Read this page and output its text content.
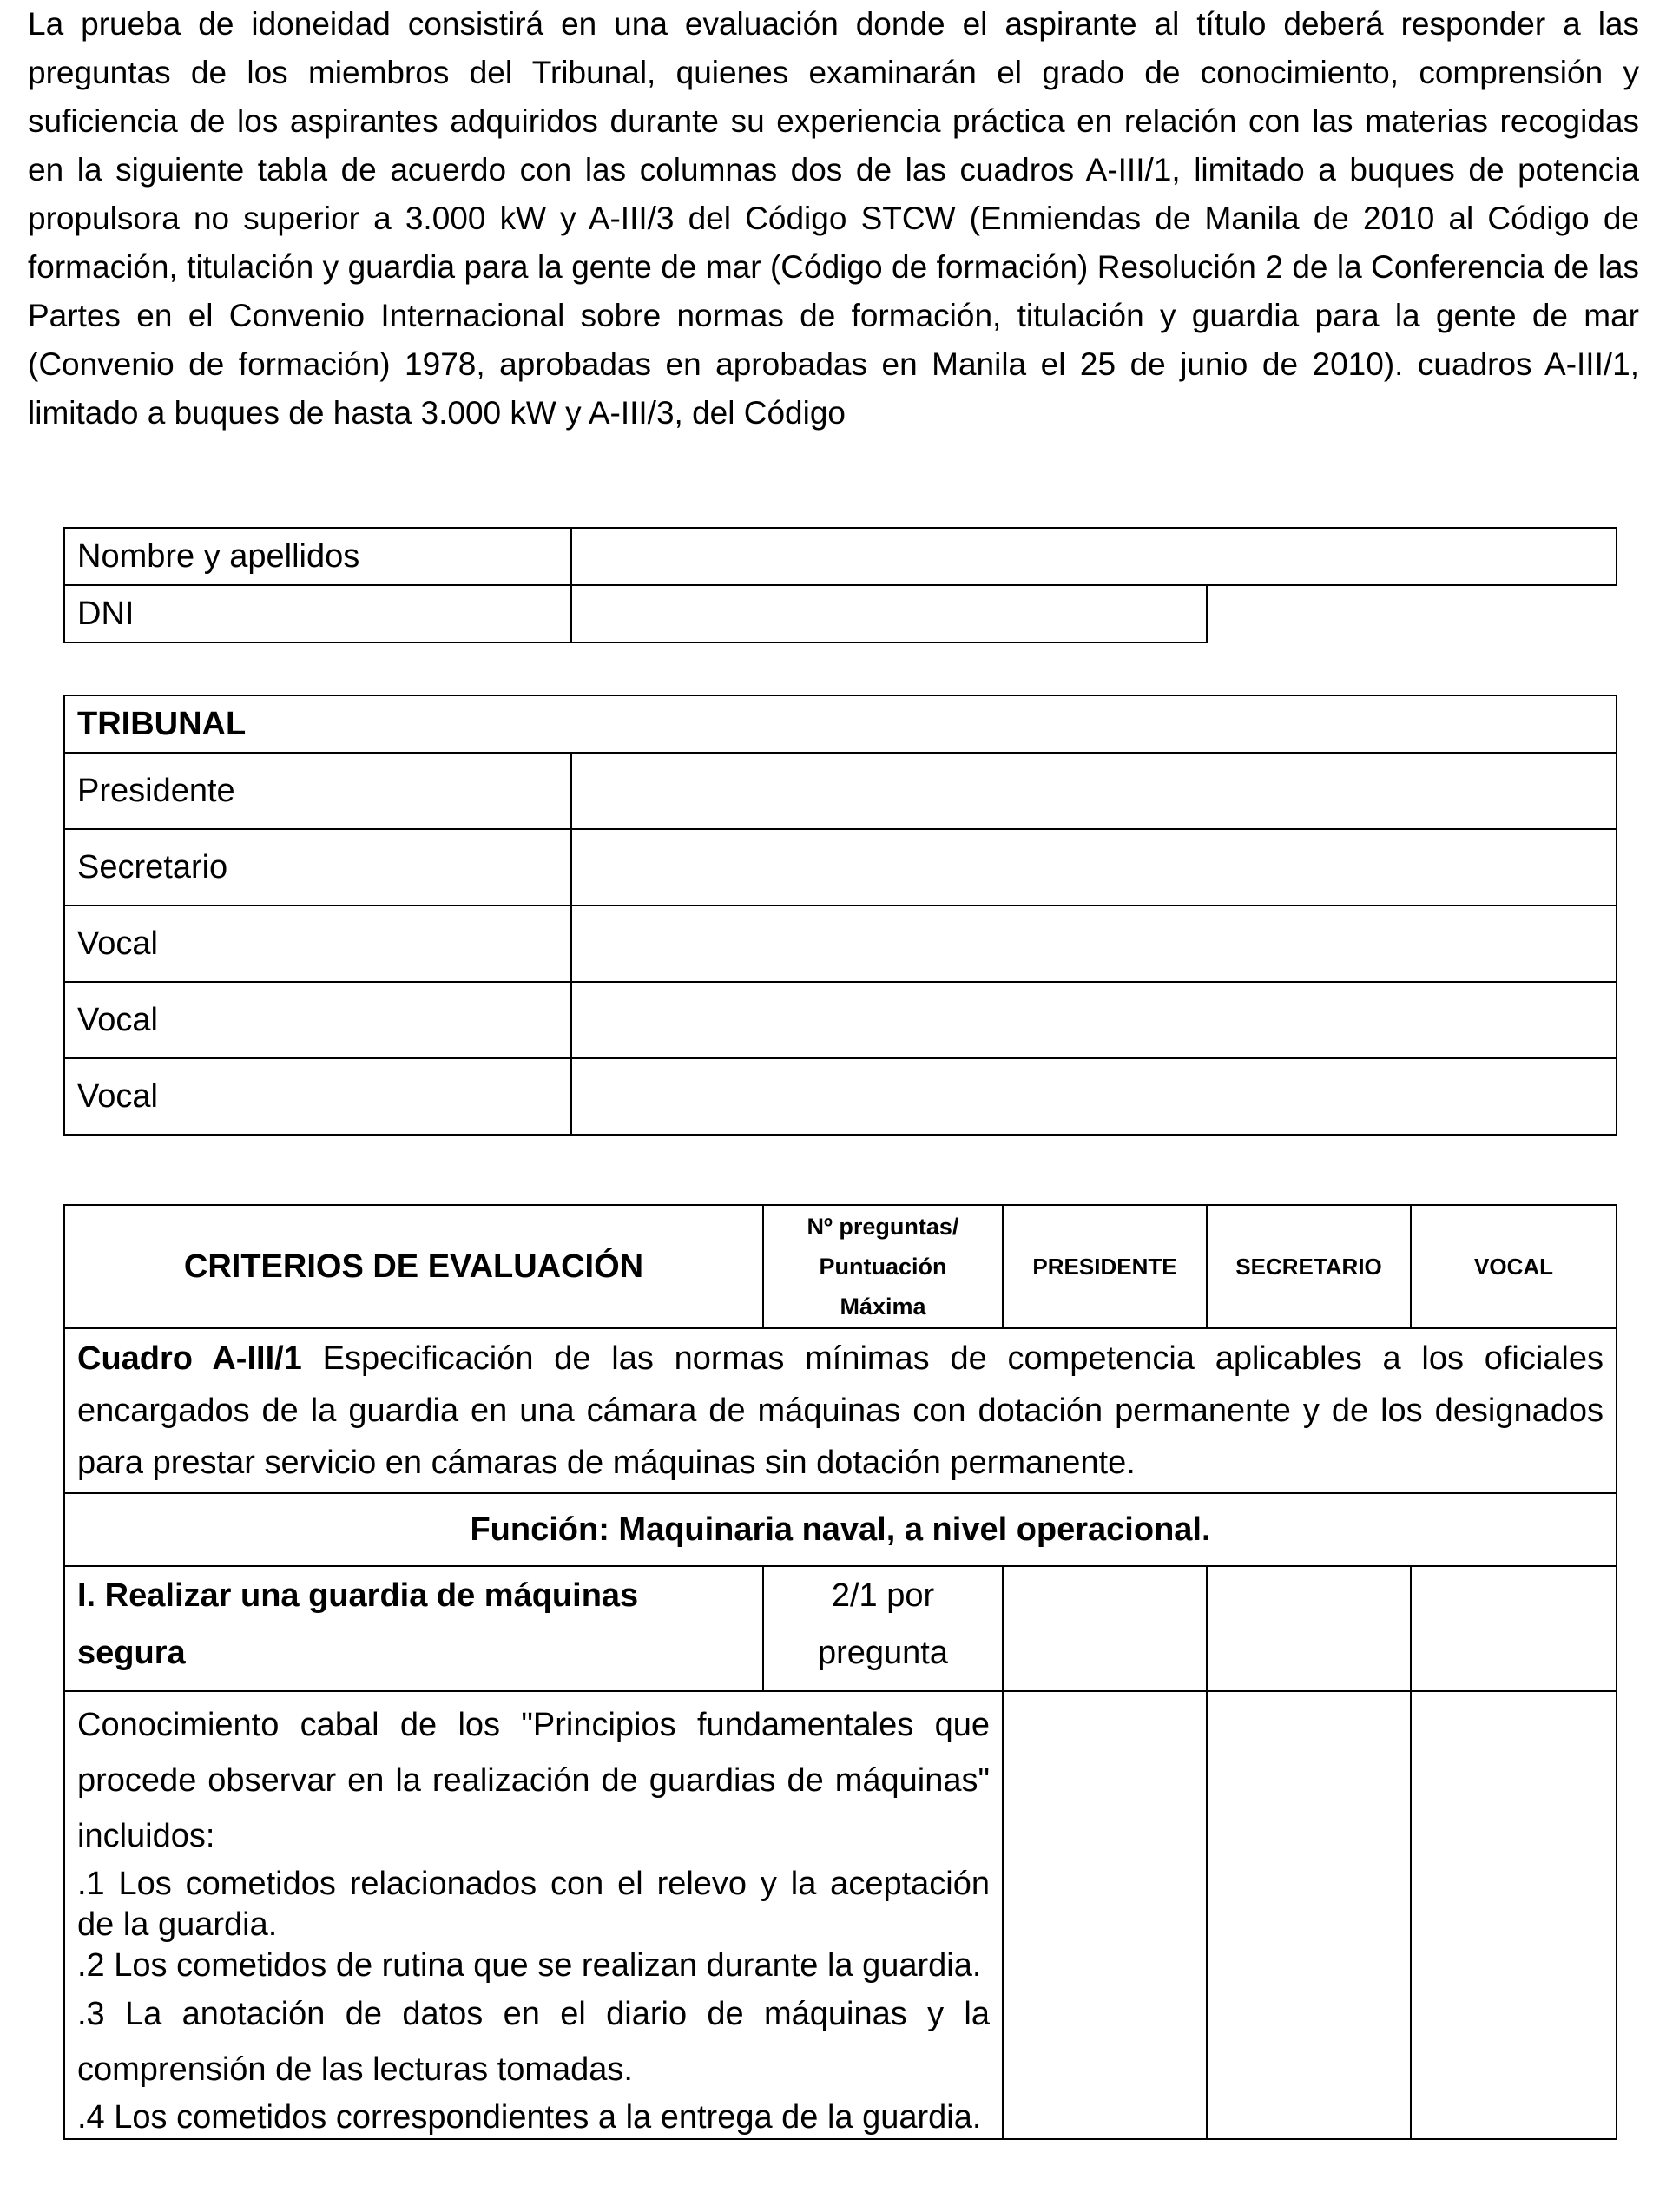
La prueba de idoneidad consistirá en una evaluación donde el aspirante al título deberá responder a las preguntas de los miembros del Tribunal, quienes examinarán el grado de conocimiento, comprensión y suficiencia de los aspirantes adquiridos durante su experiencia práctica en relación con las materias recogidas en la siguiente tabla de acuerdo con las columnas dos de las cuadros A-III/1, limitado a buques de potencia propulsora no superior a 3.000 kW y A-III/3 del Código STCW (Enmiendas de Manila de 2010 al Código de formación, titulación y guardia para la gente de mar (Código de formación) Resolución 2 de la Conferencia de las Partes en el Convenio Internacional sobre normas de formación, titulación y guardia para la gente de mar (Convenio de formación) 1978, aprobadas en aprobadas en Manila el 25 de junio de 2010). cuadros A-III/1, limitado a buques de hasta 3.000 kW y A-III/3, del Código

Nombre y apellidos		
DNI		
TRIBUNAL	
Presidente	
Secretario	
Vocal	
Vocal	
Vocal	
CRITERIOS DE EVALUACIÓN	Nº preguntas/
Puntuación
Máxima	PRESIDENTE	SECRETARIO	VOCAL
Cuadro A-III/1 Especificación de las normas mínimas de competencia aplicables a los oficiales encargados de la guardia en una cámara de máquinas con dotación permanente y de los designados para prestar servicio en cámaras de máquinas sin dotación permanente.				
Función: Maquinaria naval, a nivel operacional.				
I. Realizar una guardia de máquinas segura	2/1 por pregunta			

Conocimiento cabal de los "Principios fundamentales que procede observar en la realización de guardias de máquinas" incluidos:

.1 Los cometidos relacionados con el relevo y la aceptación de la guardia.

.2 Los cometidos de rutina que se realizan durante la guardia.

.3 La anotación de datos en el diario de máquinas y la comprensión de las lecturas tomadas.

.4 Los cometidos correspondientes a la entrega de la guardia.				
